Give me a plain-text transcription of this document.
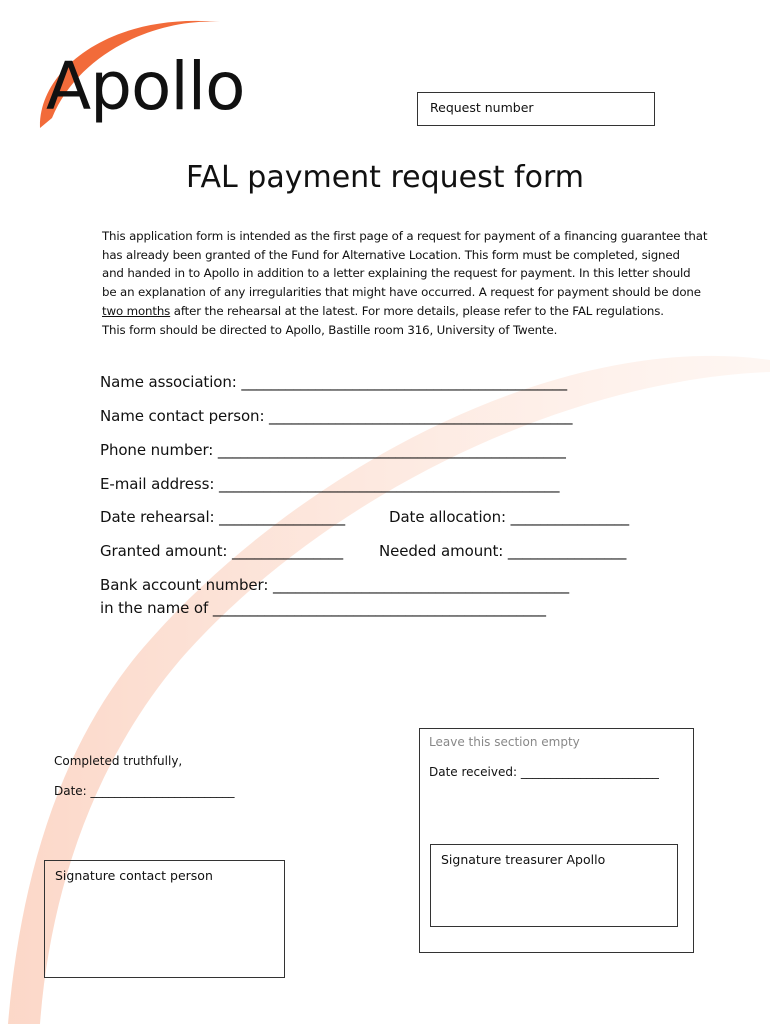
Apollo	Request number
FAL payment request form

This application form is intended as the first page of a request for payment of a financing guarantee that

has already been granted of the Fund for Alternative Location. This form must be completed, signed

and handed in to Apollo in addition to a letter explaining the request for payment. In this letter should

be an explanation of any irregularities that might have occurred. A request for payment should be done

two months after the rehearsal at the latest. For more details, please refer to the FAL regulations.

This form should be directed to Apollo, Bastille room 316, University of Twente.

Name association: ____________________________________________
Name contact person: _________________________________________
Phone number: _______________________________________________
E-mail address: ______________________________________________
Date rehearsal: _________________	Date allocation: ________________
Granted amount: _______________ Needed amount: ________________
Bank account number: ________________________________________
in the name of _____________________________________________
Completed truthfully,
Date: ________________________
Leave this section empty
Date received: _______________________
Signature treasurer Apollo
Signature contact person
